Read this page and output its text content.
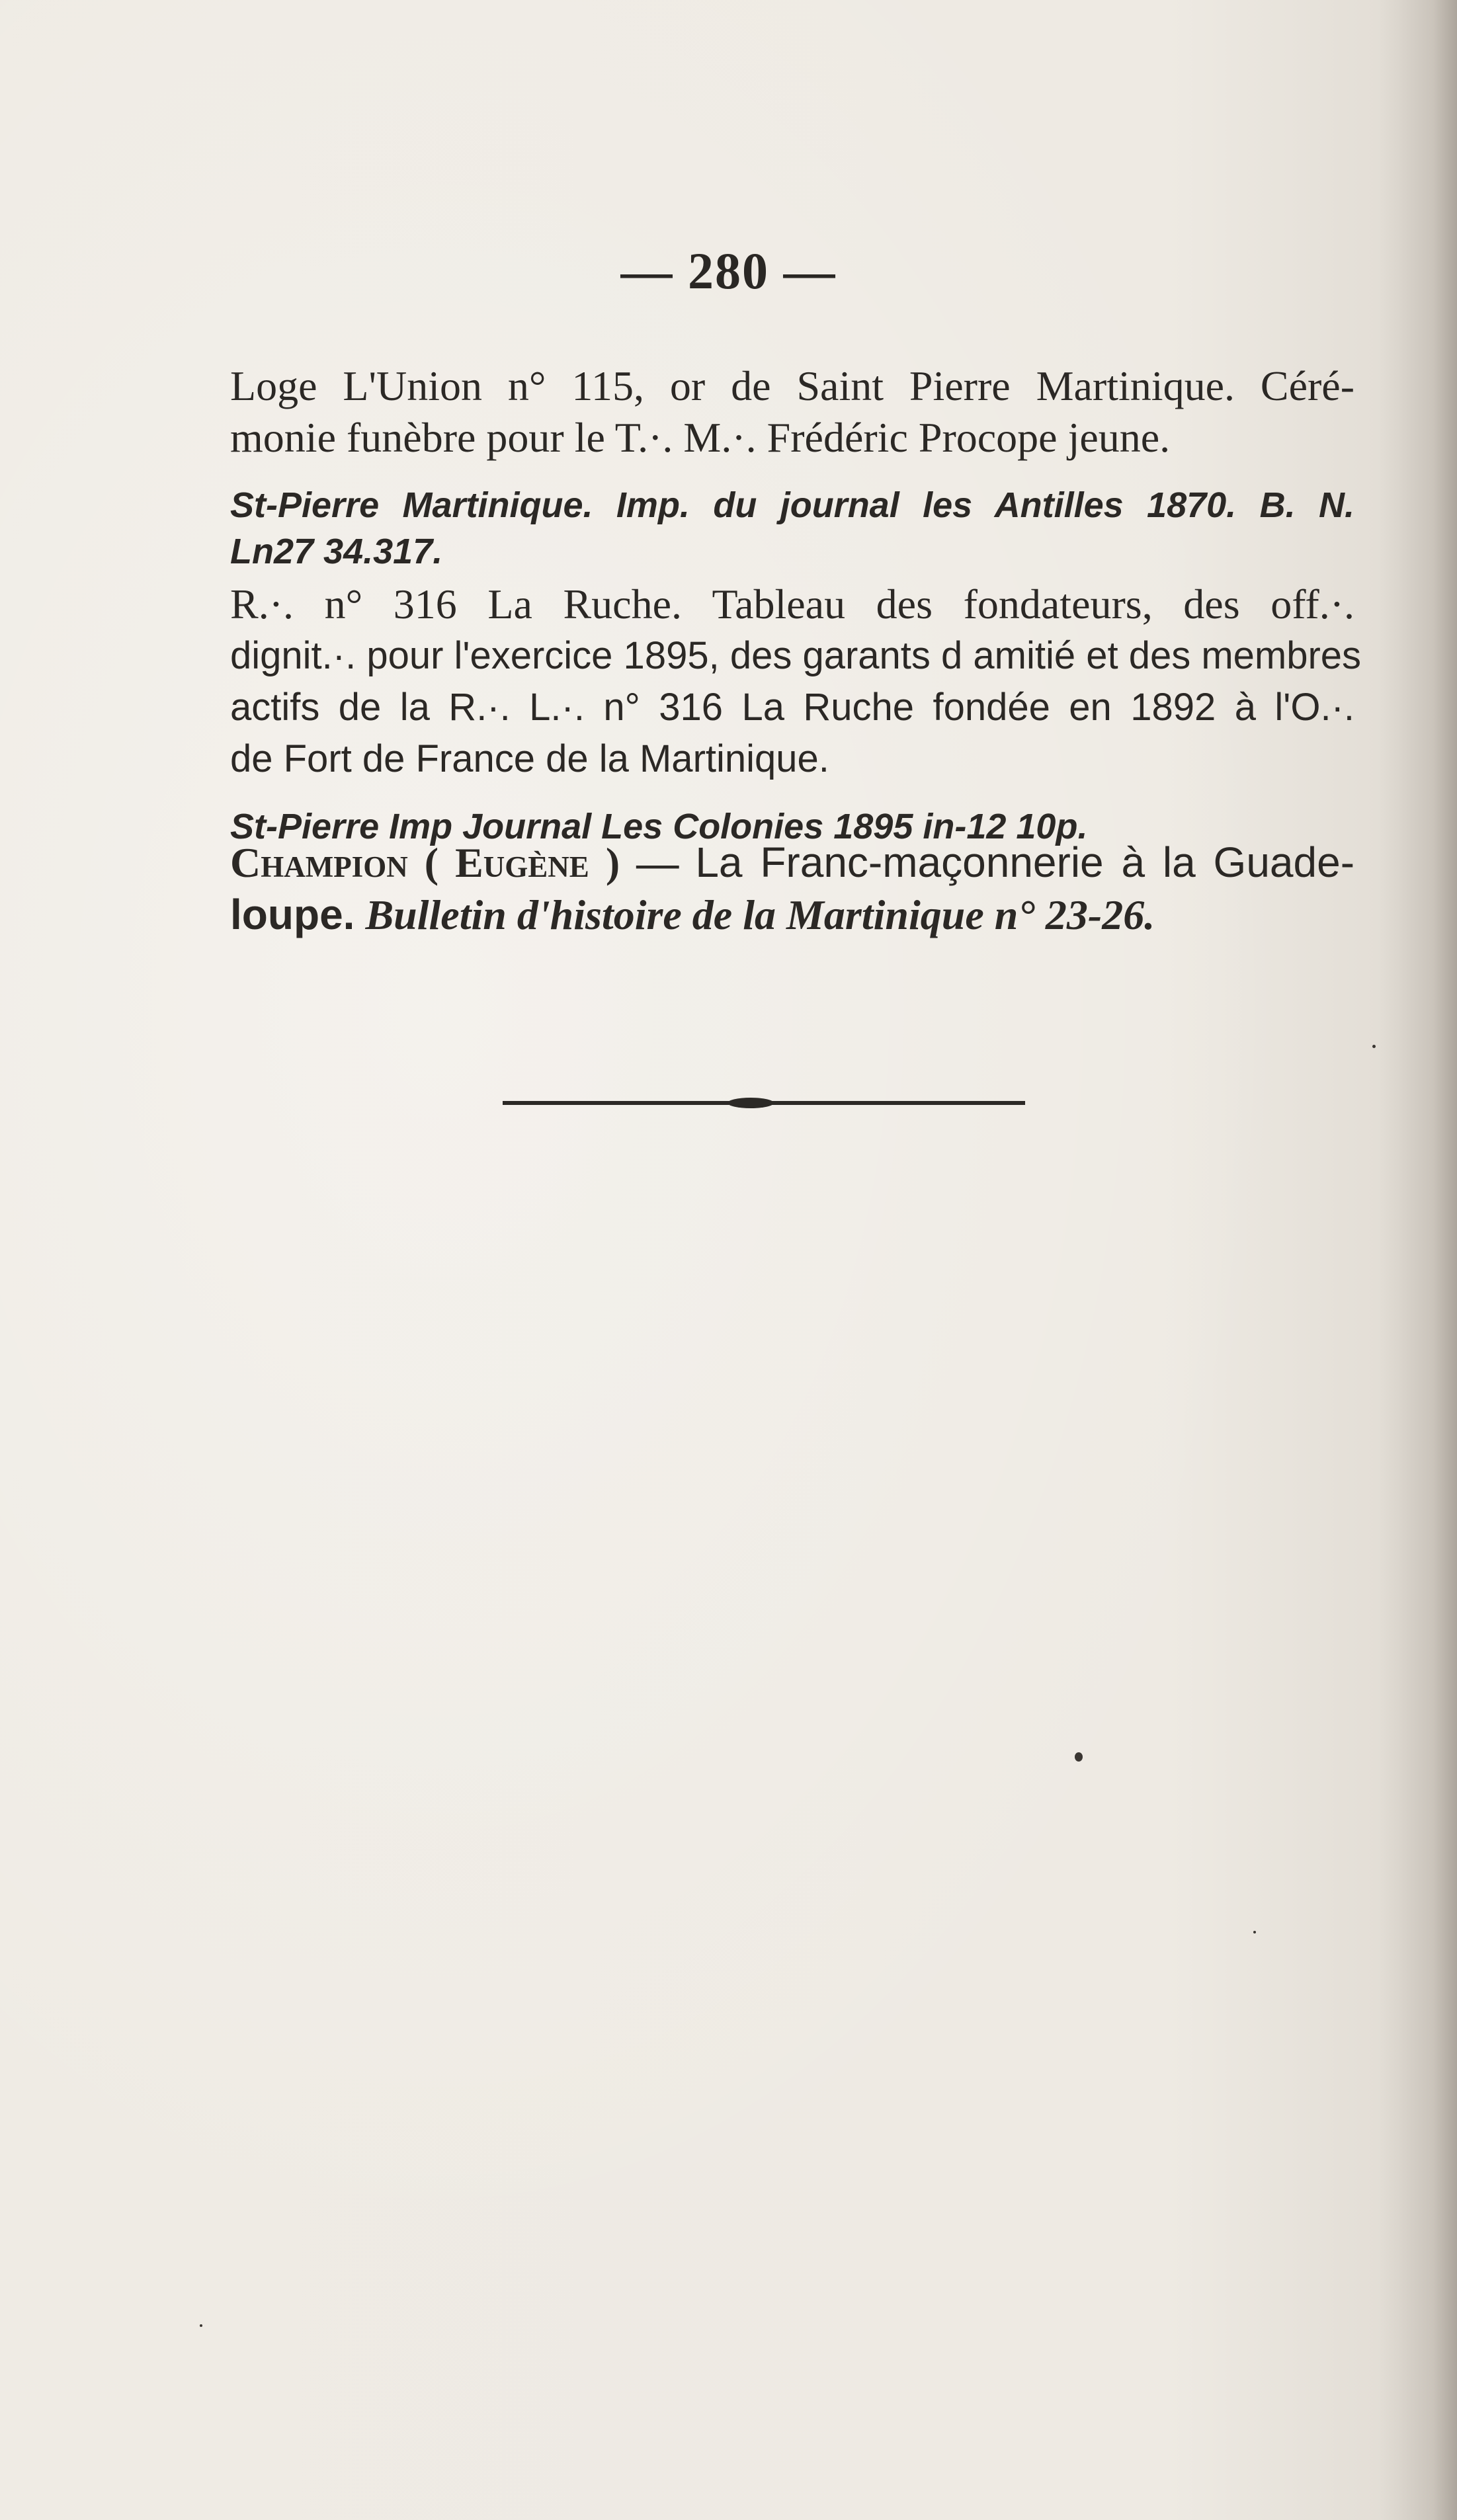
— 280 —
Loge L'Union n° 115, or de Saint Pierre Martinique. Céré-
monie funèbre pour le T.·. M.·. Frédéric Procope jeune.
St-Pierre Martinique. Imp. du journal les Antilles 1870. B. N.
Ln27 34.317.
R.·. n° 316 La Ruche. Tableau des fondateurs, des off.·.
dignit.·. pour l'exercice 1895, des garants d amitié et des membres
actifs de la R.·. L.·. n° 316 La Ruche fondée en 1892 à l'O.·.
de Fort de France de la Martinique.
St-Pierre Imp Journal Les Colonies 1895 in-12 10p.
Champion ( Eugène ) — La Franc-maçonnerie à la Guade-
loupe. Bulletin d'histoire de la Martinique n° 23-26.
